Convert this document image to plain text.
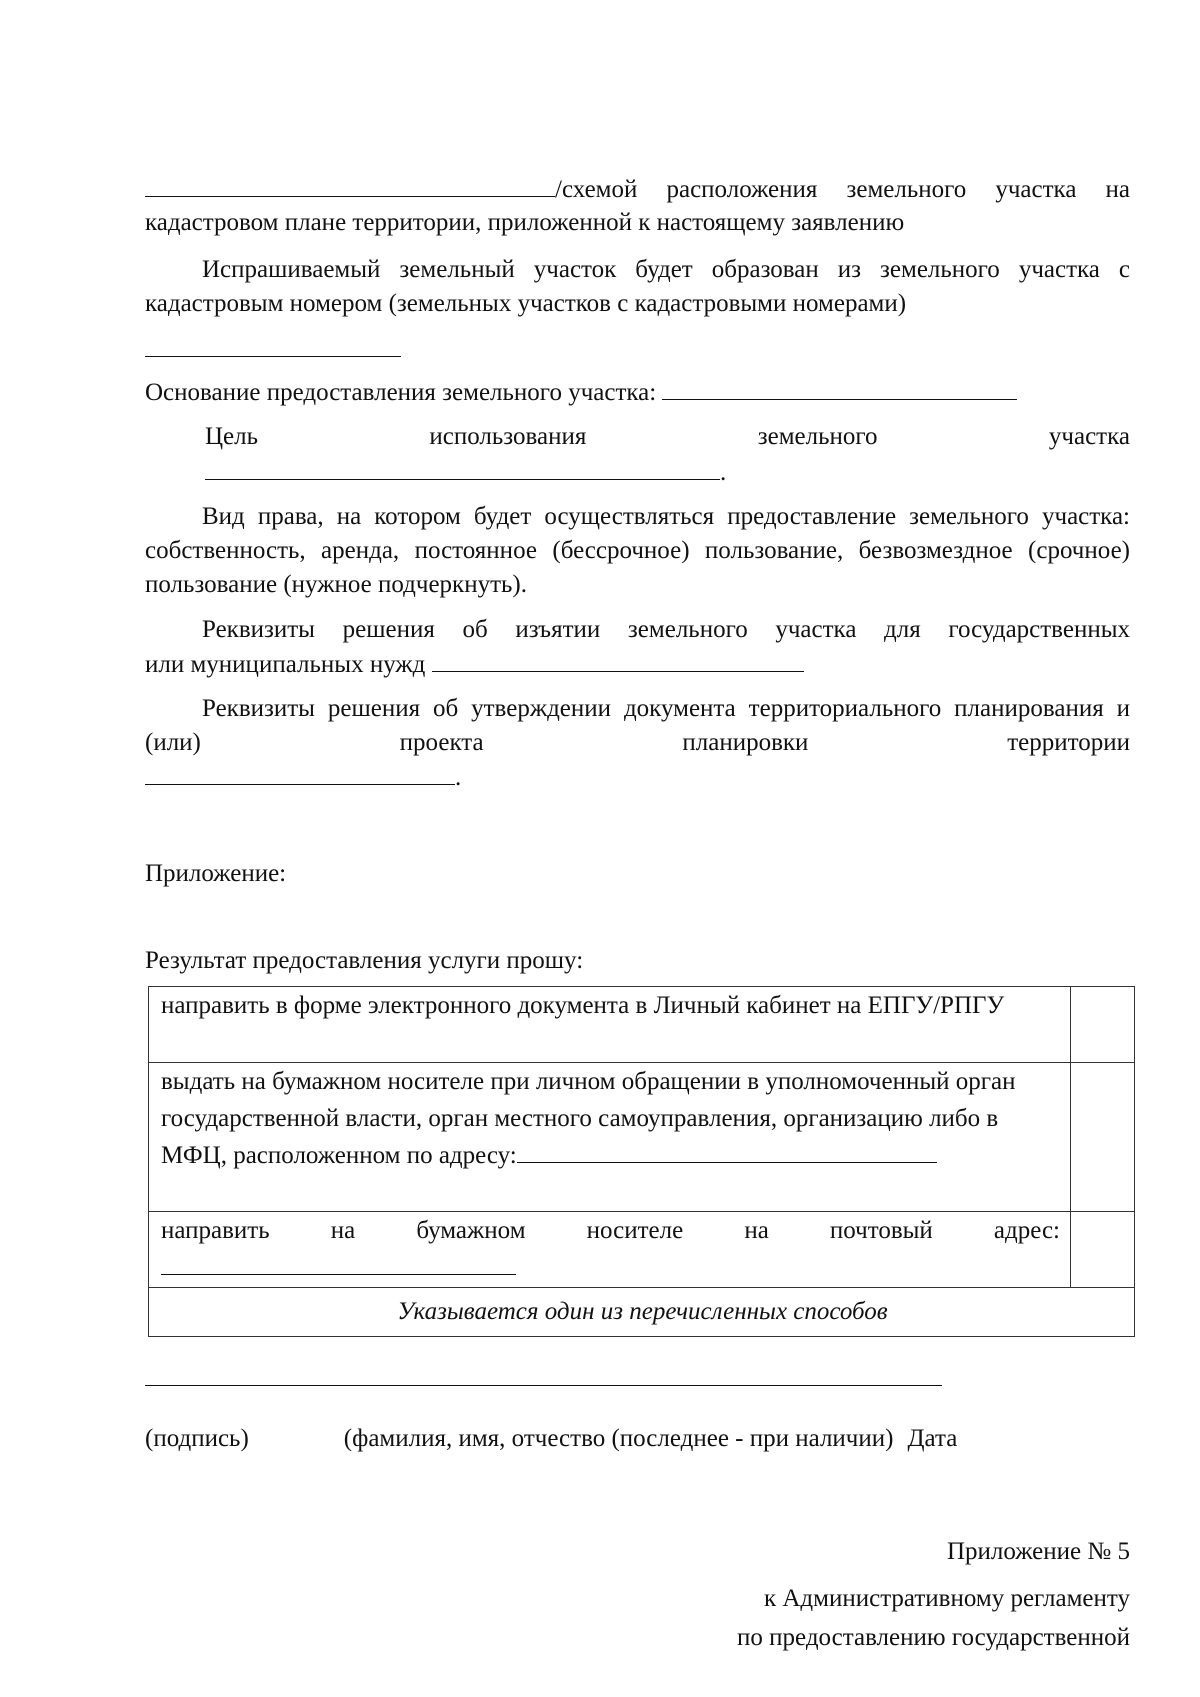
/схемой расположения земельного участка на
кадастровом плане территории, приложенной к настоящему заявлению
Испрашиваемый земельный участок будет образован из земельного участка с кадастровым номером (земельных участков с кадастровыми номерами)
Основание предоставления земельного участка:
Цель	использования	земельного	участка
.
Вид права, на котором будет осуществляться предоставление земельного участка: собственность, аренда, постоянное (бессрочное) пользование, безвозмездное (срочное) пользование (нужное подчеркнуть).
Реквизиты решения об изъятии земельного участка для государственных
или муниципальных нужд
Реквизиты решения об утверждении документа территориального планирования и (или) проекта планировки территории
.
Приложение:
Результат предоставления услуги прошу:
направить в форме электронного документа в Личный кабинет на ЕПГУ/РПГУ	
выдать на бумажном носителе при личном обращении в уполномоченный орган государственной власти, орган местного самоуправления, организацию либо в МФЦ, расположенном по адресу:	

направить на бумажном носителе на почтовый адрес:	

Указывается один из перечисленных способов	
(подпись)	(фамилия, имя, отчество (последнее - при наличии) Дата
Приложение № 5
к Административному регламенту
по предоставлению государственной
